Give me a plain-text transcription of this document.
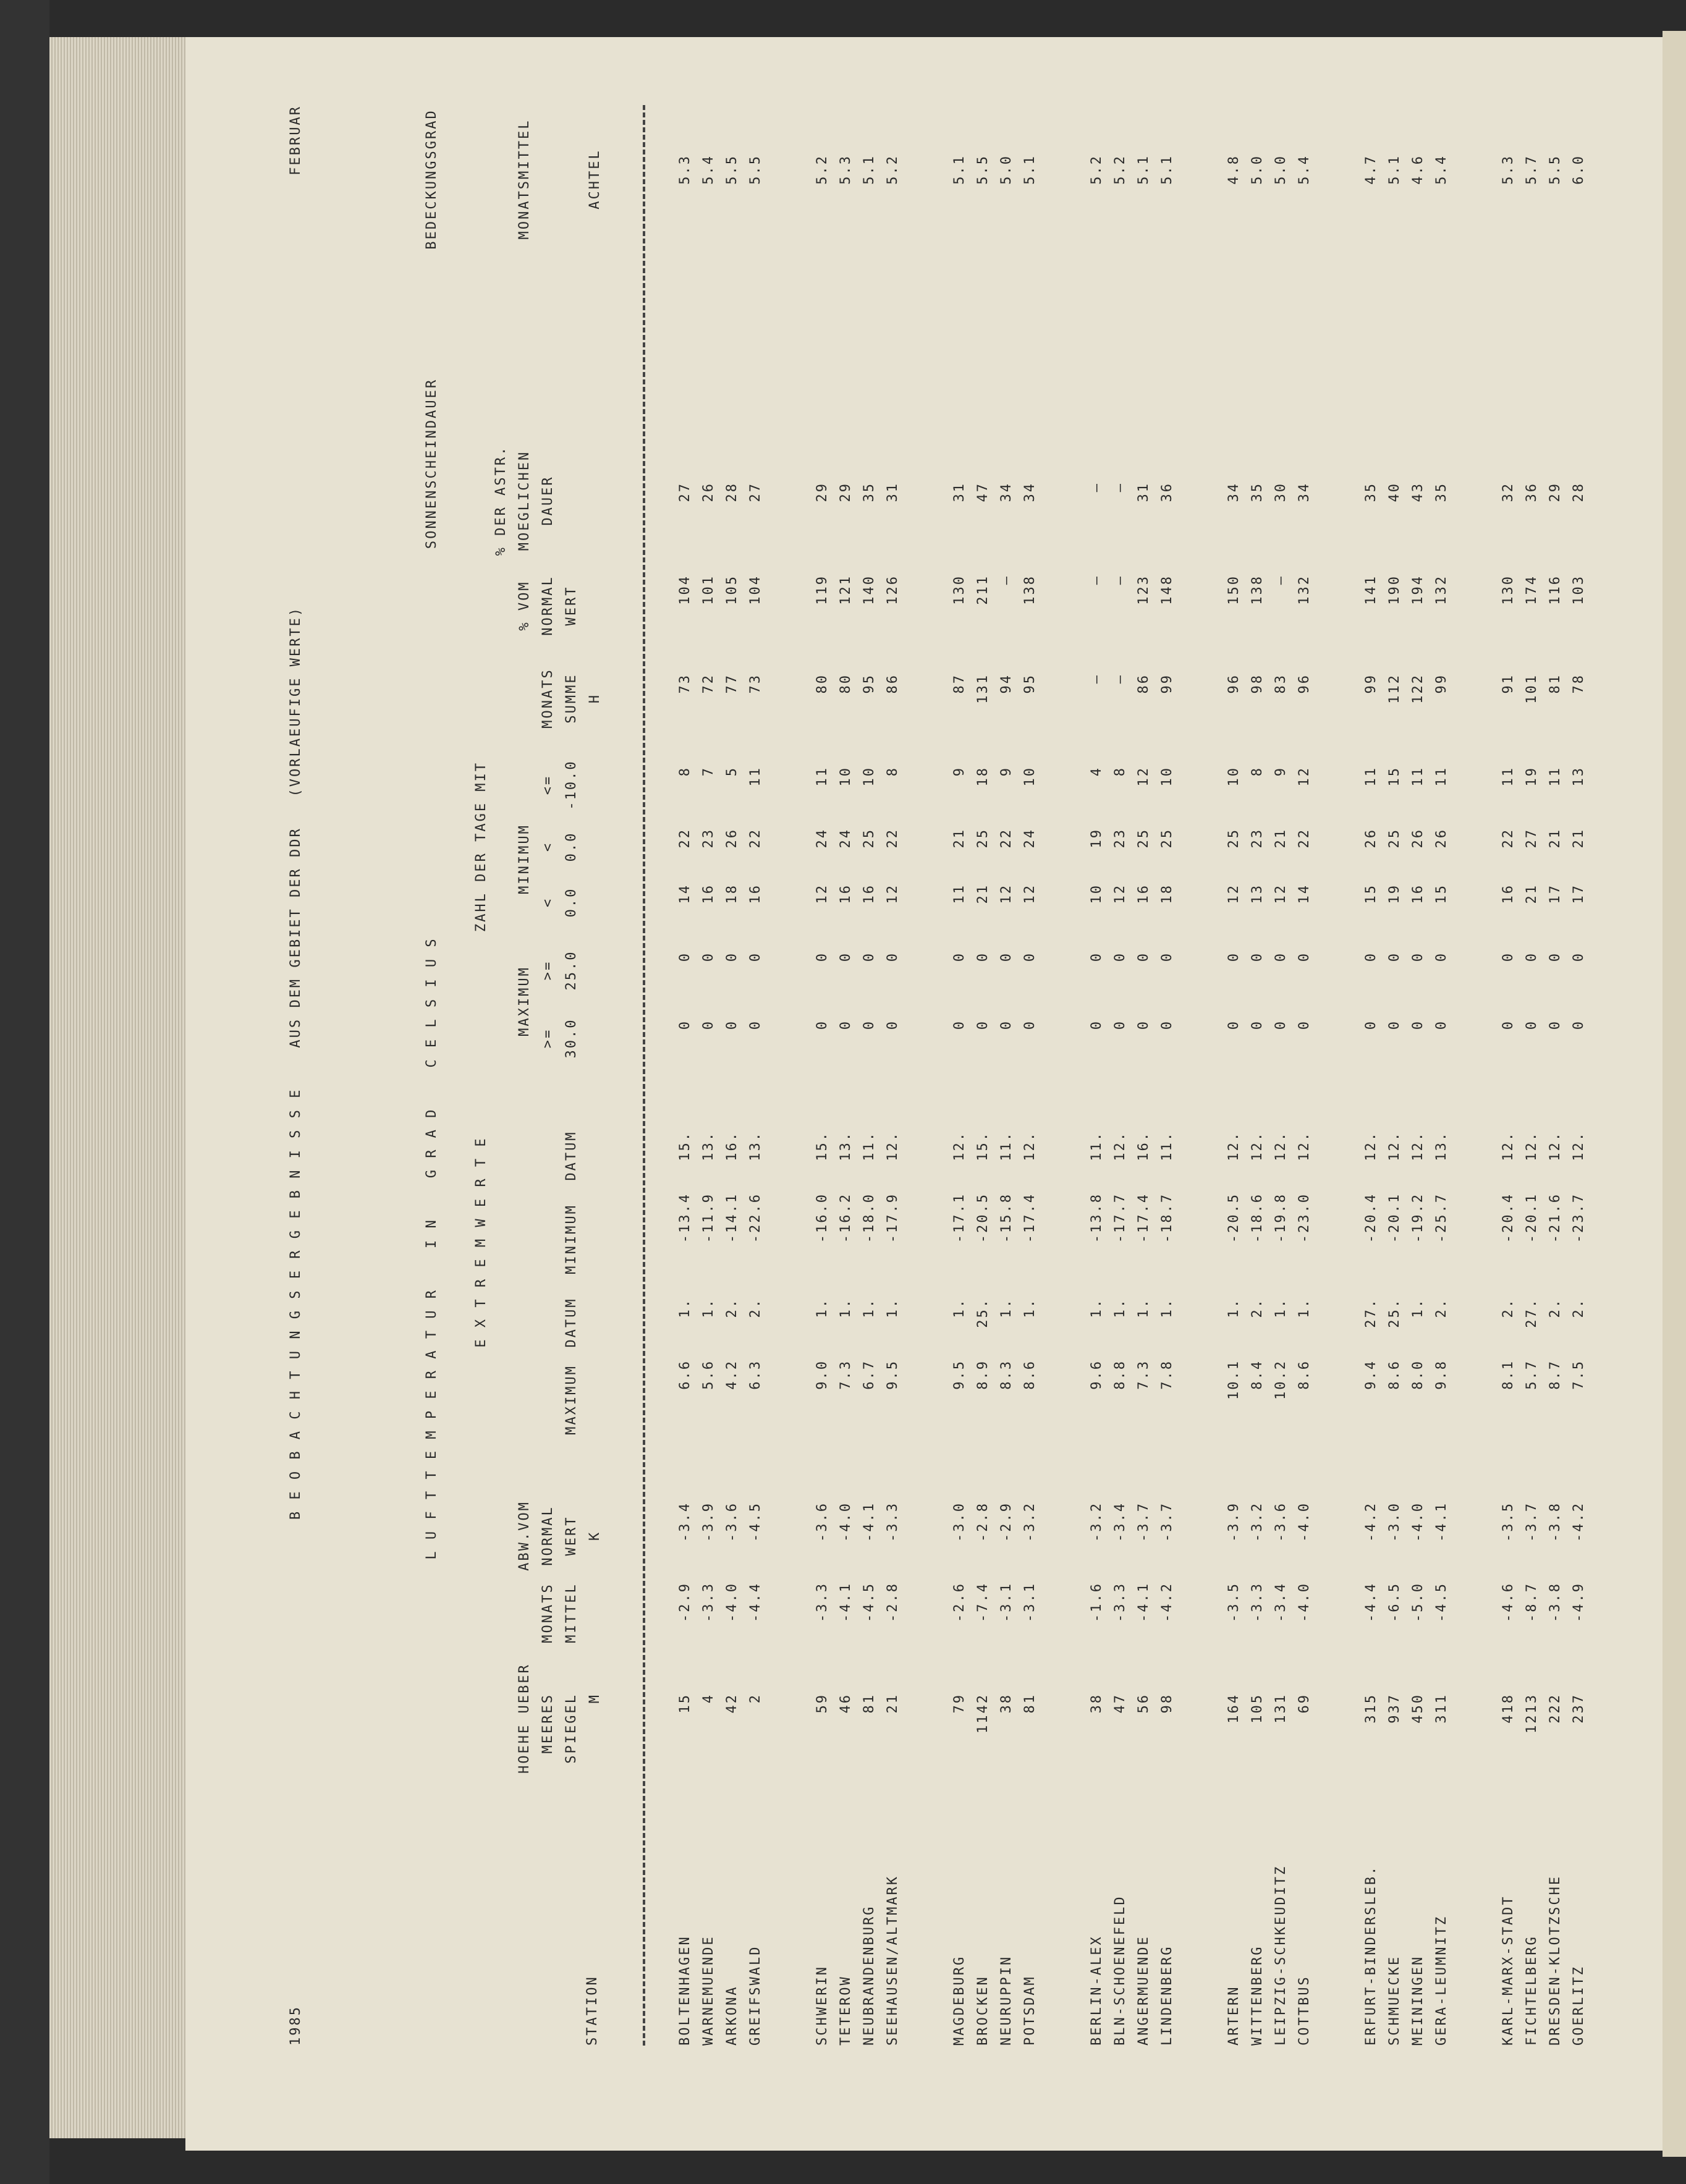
1985
B E O B A C H T U N G S E R G E B N I S S E    AUS DEM GEBIET DER DDR   (VORLAEUFIGE WERTE)
FEBRUAR
L U F T T E M P E R A T U R    I N    G R A D    C E L S I U S
SONNENSCHEINDAUER
BEDECKUNGSGRAD
E X T R E M W E R T E
ZAHL DER TAGE MIT
STATION
HOEHE UEBER MEERES SPIEGEL M
MONATS MITTEL
ABW.VOM NORMAL WERT K
MAXIMUM
DATUM
MINIMUM
DATUM
MAXIMUM
MINIMUM
>=
>=
<
<
<=
30.0
25.0
0.0
0.0
-10.0
MONATS SUMME H
% VOM NORMAL WERT
% DER ASTR. MOEGLICHEN DAUER
MONATSMITTEL	ACHTEL
BOLTENHAGEN
15
-2.9
-3.4
6.6
1.
-13.4
15.
0
0
14
22
8
73
104
27
5.3
WARNEMUENDE
4
-3.3
-3.9
5.6
1.
-11.9
13.
0
0
16
23
7
72
101
26
5.4
ARKONA
42
-4.0
-3.6
4.2
2.
-14.1
16.
0
0
18
26
5
77
105
28
5.5
GREIFSWALD
2
-4.4
-4.5
6.3
2.
-22.6
13.
0
0
16
22
11
73
104
27
5.5
SCHWERIN
59
-3.3
-3.6
9.0
1.
-16.0
15.
0
0
12
24
11
80
119
29
5.2
TETEROW
46
-4.1
-4.0
7.3
1.
-16.2
13.
0
0
16
24
10
80
121
29
5.3
NEUBRANDENBURG
81
-4.5
-4.1
6.7
1.
-18.0
11.
0
0
16
25
10
95
140
35
5.1
SEEHAUSEN/ALTMARK
21
-2.8
-3.3
9.5
1.
-17.9
12.
0
0
12
22
8
86
126
31
5.2
MAGDEBURG
79
-2.6
-3.0
9.5
1.
-17.1
12.
0
0
11
21
9
87
130
31
5.1
BROCKEN
1142
-7.4
-2.8
8.9
25.
-20.5
15.
0
0
21
25
18
131
211
47
5.5
NEURUPPIN
38
-3.1
-2.9
8.3
1.
-15.8
11.
0
0
12
22
9
94
—
34
5.0
POTSDAM
81
-3.1
-3.2
8.6
1.
-17.4
12.
0
0
12
24
10
95
138
34
5.1
BERLIN-ALEX
38
-1.6
-3.2
9.6
1.
-13.8
11.
0
0
10
19
4
—
—
—
5.2
BLN-SCHOENEFELD
47
-3.3
-3.4
8.8
1.
-17.7
12.
0
0
12
23
8
—
—
—
5.2
ANGERMUENDE
56
-4.1
-3.7
7.3
1.
-17.4
16.
0
0
16
25
12
86
123
31
5.1
LINDENBERG
98
-4.2
-3.7
7.8
1.
-18.7
11.
0
0
18
25
10
99
148
36
5.1
ARTERN
164
-3.5
-3.9
10.1
1.
-20.5
12.
0
0
12
25
10
96
150
34
4.8
WITTENBERG
105
-3.3
-3.2
8.4
2.
-18.6
12.
0
0
13
23
8
98
138
35
5.0
LEIPZIG-SCHKEUDITZ
131
-3.4
-3.6
10.2
1.
-19.8
12.
0
0
12
21
9
83
—
30
5.0
COTTBUS
69
-4.0
-4.0
8.6
1.
-23.0
12.
0
0
14
22
12
96
132
34
5.4
ERFURT-BINDERSLEB.
315
-4.4
-4.2
9.4
27.
-20.4
12.
0
0
15
26
11
99
141
35
4.7
SCHMUECKE
937
-6.5
-3.0
8.6
25.
-20.1
12.
0
0
19
25
15
112
190
40
5.1
MEININGEN
450
-5.0
-4.0
8.0
1.
-19.2
12.
0
0
16
26
11
122
194
43
4.6
GERA-LEUMNITZ
311
-4.5
-4.1
9.8
2.
-25.7
13.
0
0
15
26
11
99
132
35
5.4
KARL-MARX-STADT
418
-4.6
-3.5
8.1
2.
-20.4
12.
0
0
16
22
11
91
130
32
5.3
FICHTELBERG
1213
-8.7
-3.7
5.7
27.
-20.1
12.
0
0
21
27
19
101
174
36
5.7
DRESDEN-KLOTZSCHE
222
-3.8
-3.8
8.7
2.
-21.6
12.
0
0
17
21
11
81
116
29
5.5
GOERLITZ
237
-4.9
-4.2
7.5
2.
-23.7
12.
0
0
17
21
13
78
103
28
6.0
